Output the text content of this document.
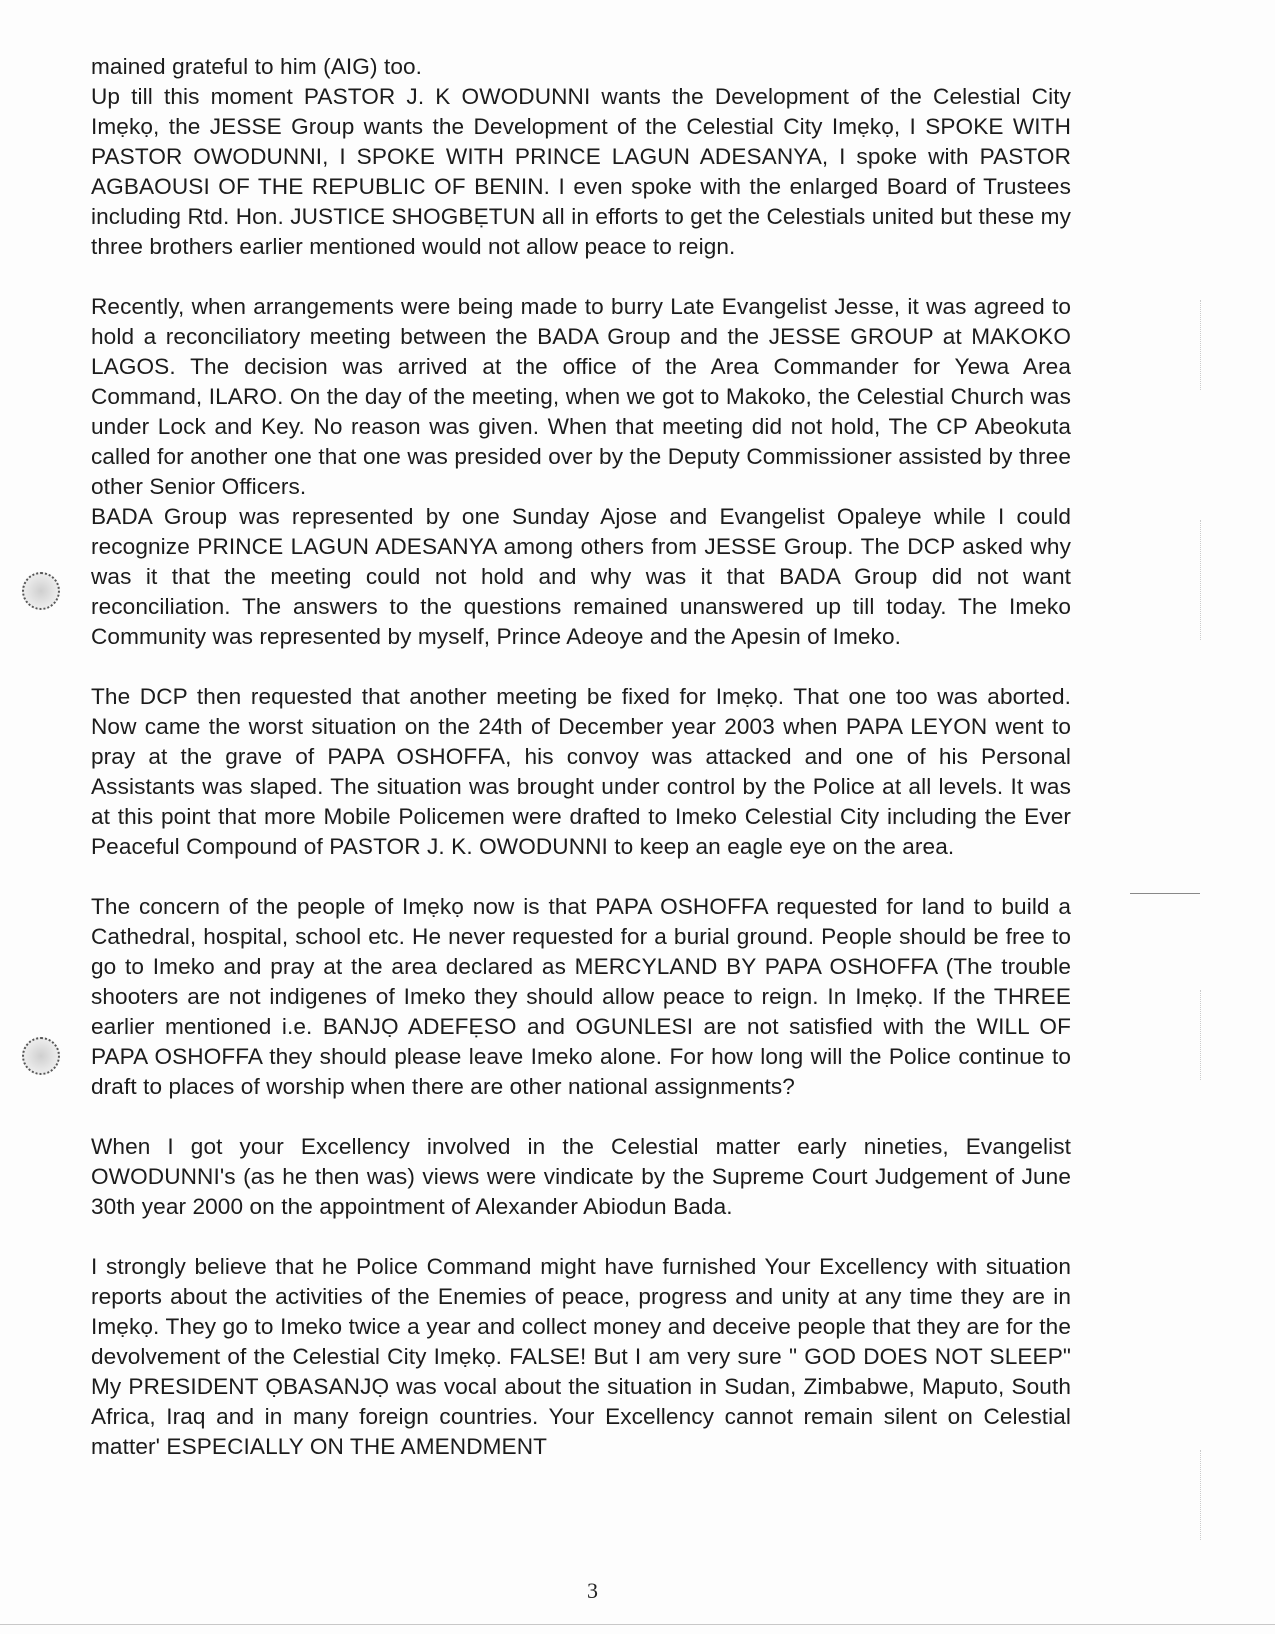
mained grateful to him (AIG) too.

Up till this moment PASTOR J. K OWODUNNI wants the Development of the Celestial City Imẹkọ, the JESSE Group wants the Development of the Celestial City Imẹkọ, I SPOKE WITH PASTOR OWODUNNI, I SPOKE WITH PRINCE LAGUN ADESANYA, I spoke with PASTOR AGBAOUSI OF THE REPUBLIC OF BENIN. I even spoke with the enlarged Board of Trustees including Rtd. Hon. JUSTICE SHOGBẸTUN all in efforts to get the Celestials united but these my three brothers earlier mentioned would not allow peace to reign.

Recently, when arrangements were being made to burry Late Evangelist Jesse, it was agreed to hold a reconciliatory meeting between the BADA Group and the JESSE GROUP at MAKOKO LAGOS. The decision was arrived at the office of the Area Commander for Yewa Area Command, ILARO. On the day of the meeting, when we got to Makoko, the Celestial Church was under Lock and Key. No reason was given. When that meeting did not hold, The CP Abeokuta called for another one that one was presided over by the Deputy Commissioner assisted by three other Senior Officers.

BADA Group was represented by one Sunday Ajose and Evangelist Opaleye while I could recognize PRINCE LAGUN ADESANYA among others from JESSE Group. The DCP asked why was it that the meeting could not hold and why was it that BADA Group did not want reconciliation. The answers to the questions remained unanswered up till today. The Imeko Community was represented by myself, Prince Adeoye and the Apesin of Imeko.

The DCP then requested that another meeting be fixed for Imẹkọ. That one too was aborted. Now came the worst situation on the 24th of December year 2003 when PAPA LEYON went to pray at the grave of PAPA OSHOFFA, his convoy was attacked and one of his Personal Assistants was slaped. The situation was brought under control by the Police at all levels. It was at this point that more Mobile Policemen were drafted to Imeko Celestial City including the Ever Peaceful Compound of PASTOR J. K. OWODUNNI to keep an eagle eye on the area.

The concern of the people of Imẹkọ now is that PAPA OSHOFFA requested for land to build a Cathedral, hospital, school etc. He never requested for a burial ground. People should be free to go to Imeko and pray at the area declared as MERCYLAND BY PAPA OSHOFFA (The trouble shooters are not indigenes of Imeko they should allow peace to reign. In Imẹkọ. If the THREE earlier mentioned i.e. BANJỌ ADEFẸSO and OGUNLESI are not satisfied with the WILL OF PAPA OSHOFFA they should please leave Imeko alone. For how long will the Police continue to draft to places of worship when there are other national assignments?

When I got your Excellency involved in the Celestial matter early nineties, Evangelist OWODUNNI's (as he then was) views were vindicate by the Supreme Court Judgement of June 30th year 2000 on the appointment of Alexander Abiodun Bada.

I strongly believe that he Police Command might have furnished Your Excellency with situation reports about the activities of the Enemies of peace, progress and unity at any time they are in Imẹkọ. They go to Imeko twice a year and collect money and deceive people that they are for the devolvement of the Celestial City Imẹkọ. FALSE! But I am very sure " GOD DOES NOT SLEEP" My PRESIDENT ỌBASANJỌ was vocal about the situation in Sudan, Zimbabwe, Maputo, South Africa, Iraq and in many foreign countries. Your Excellency cannot remain silent on Celestial matter' ESPECIALLY ON THE AMENDMENT

3
